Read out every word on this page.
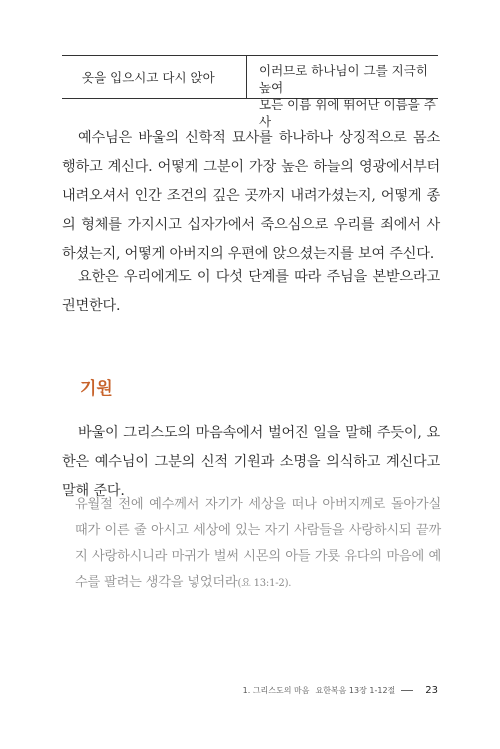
옷을 입으시고 다시 앉아	이러므로 하나님이 그를 지극히 높여
모든 이름 위에 뛰어난 이름을 주사

예수님은 바울의 신학적 묘사를 하나하나 상징적으로 몸소 행하고 계신다. 어떻게 그분이 가장 높은 하늘의 영광에서부터 내려오셔서 인간 조건의 깊은 곳까지 내려가셨는지, 어떻게 종의 형체를 가지시고 십자가에서 죽으심으로 우리를 죄에서 사하셨는지, 어떻게 아버지의 우편에 앉으셨는지를 보여 주신다.

요한은 우리에게도 이 다섯 단계를 따라 주님을 본받으라고 권면한다.

기원

바울이 그리스도의 마음속에서 벌어진 일을 말해 주듯이, 요한은 예수님이 그분의 신적 기원과 소명을 의식하고 계신다고 말해 준다.

유월절 전에 예수께서 자기가 세상을 떠나 아버지께로 돌아가실 때가 이른 줄 아시고 세상에 있는 자기 사람들을 사랑하시되 끝까지 사랑하시니라 마귀가 벌써 시몬의 아들 가룟 유다의 마음에 예수를 팔려는 생각을 넣었더라(요 13:1-2).

1. 그리스도의 마음 요한복음 13장 1-12절	23
